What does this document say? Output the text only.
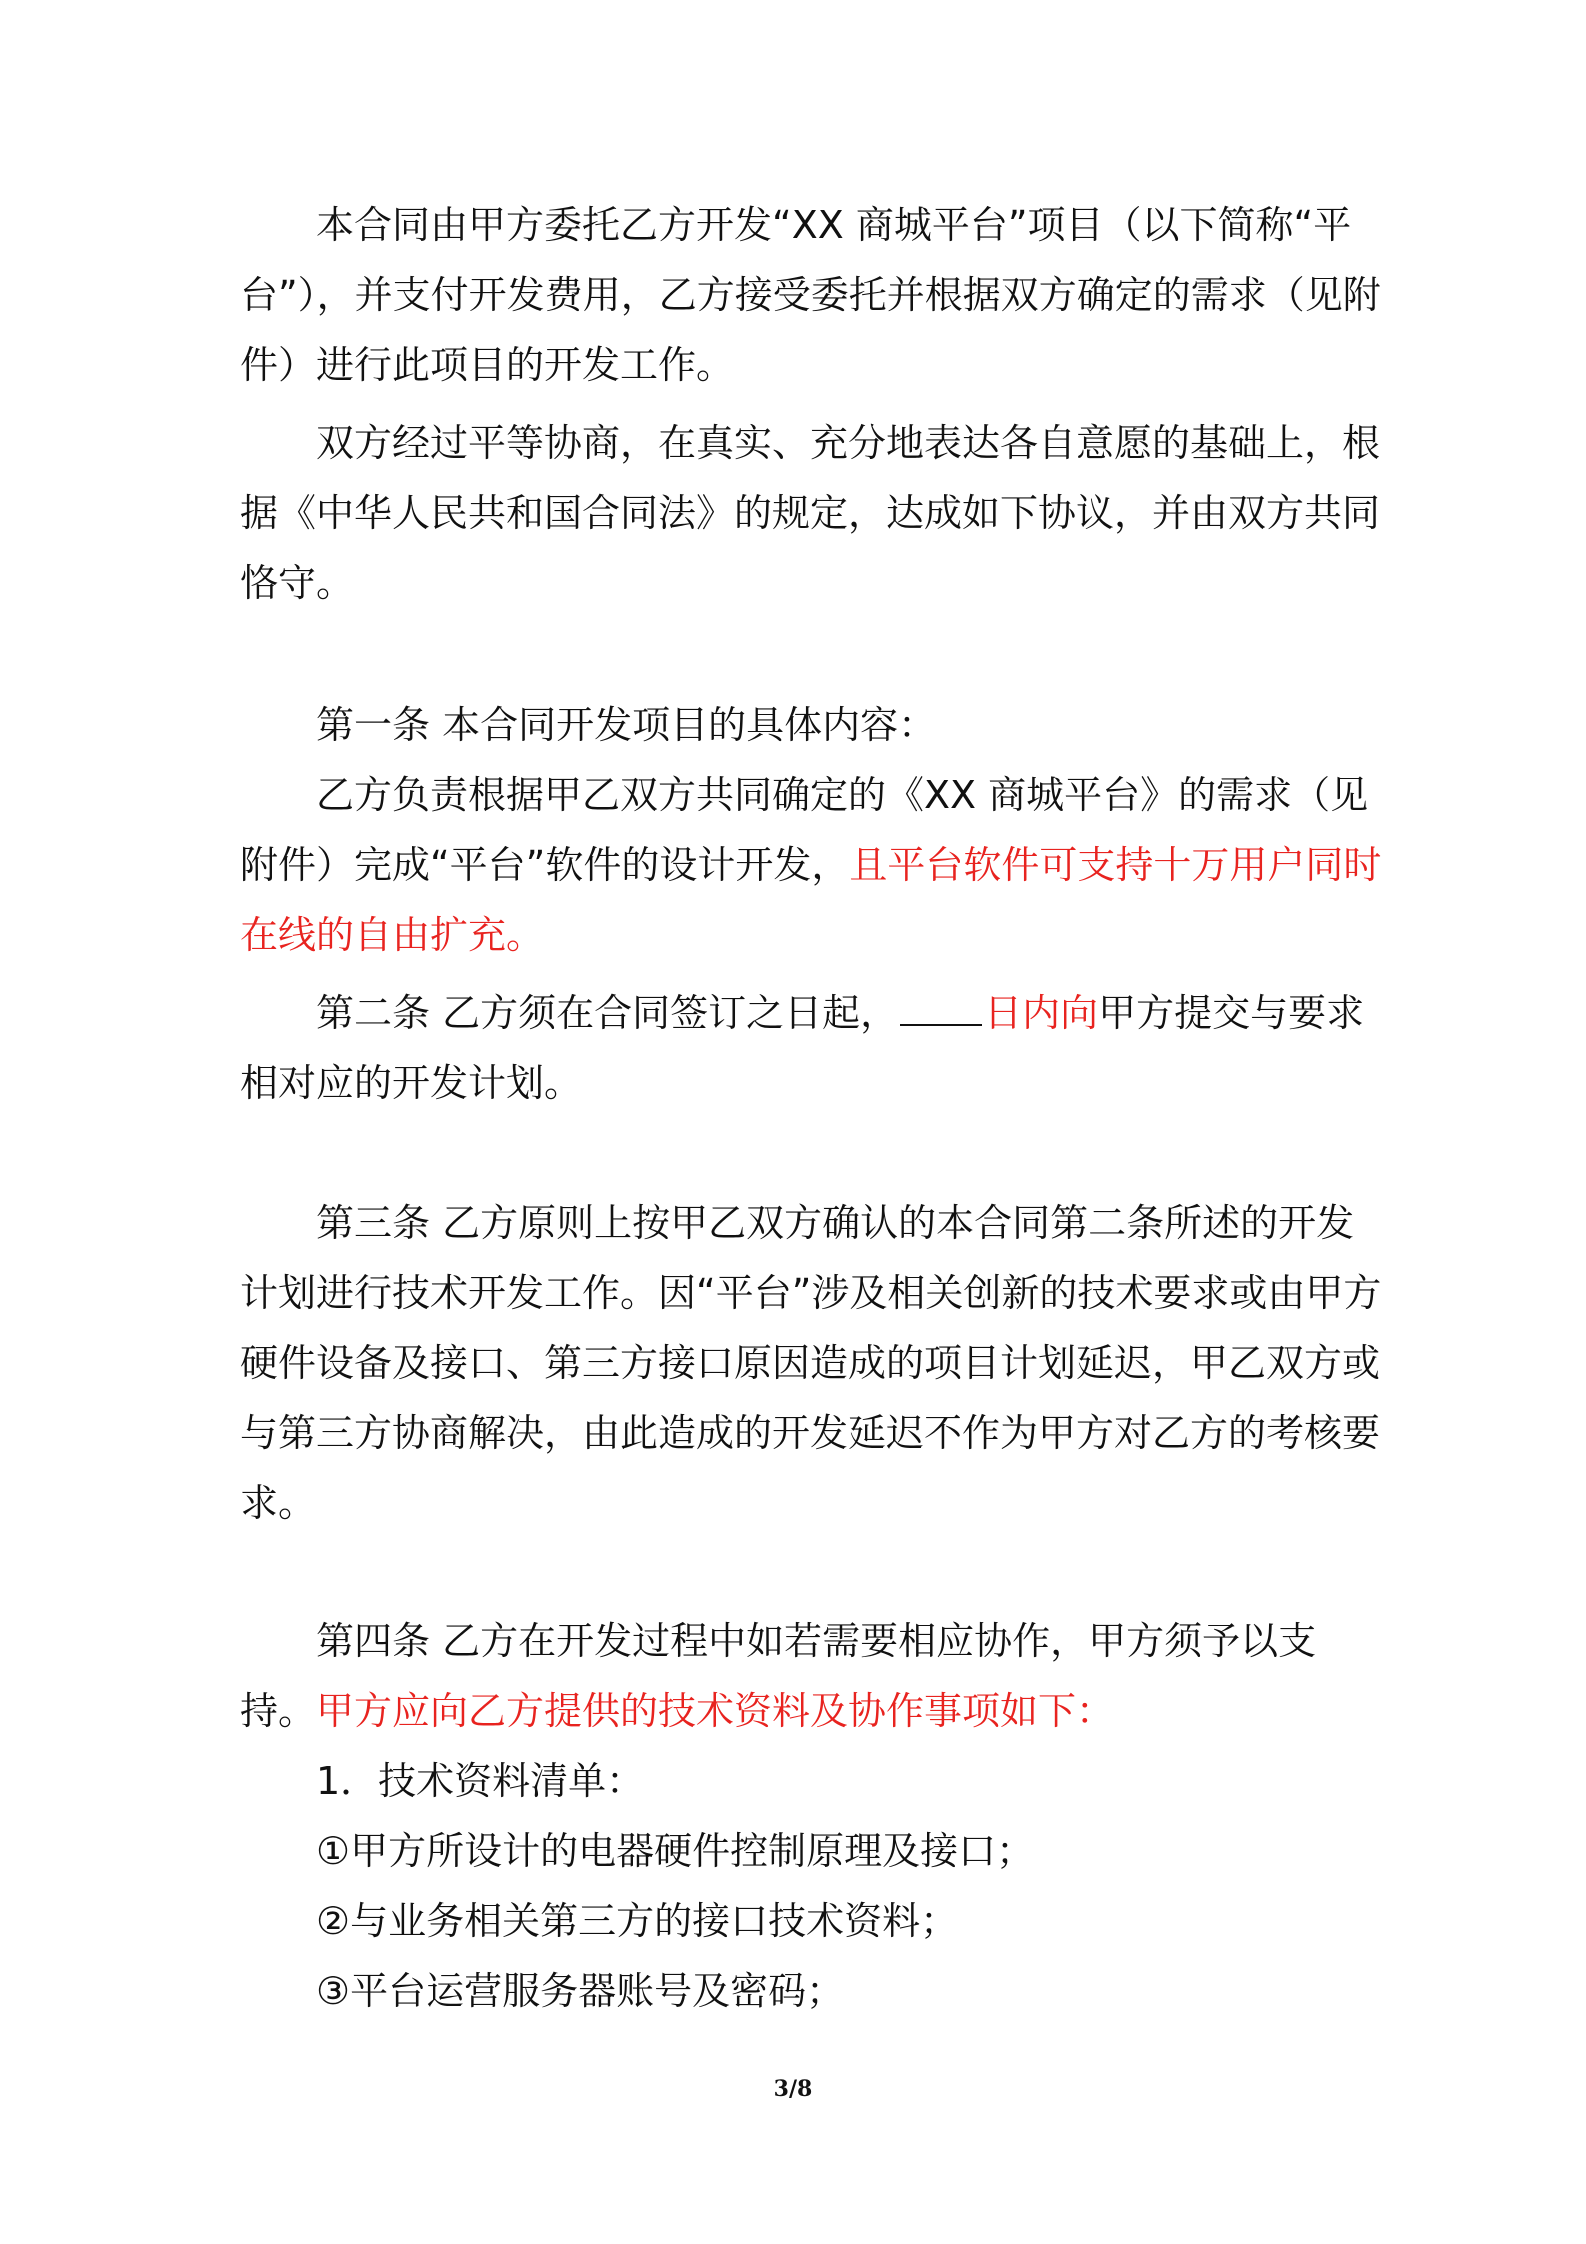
本合同由甲方委托乙方开发“XX 商城平台”项目（以下简称“平台”），并支付开发费用，乙方接受委托并根据双方确定的需求（见附件）进行此项目的开发工作。

双方经过平等协商，在真实、充分地表达各自意愿的基础上，根据《中华人民共和国合同法》的规定，达成如下协议，并由双方共同恪守。

第一条 本合同开发项目的具体内容：

乙方负责根据甲乙双方共同确定的《XX 商城平台》的需求（见附件）完成“平台”软件的设计开发，且平台软件可支持十万用户同时在线的自由扩充。

第二条 乙方须在合同签订之日起， 日内向甲方提交与要求相对应的开发计划。

第三条 乙方原则上按甲乙双方确认的本合同第二条所述的开发计划进行技术开发工作。因“平台”涉及相关创新的技术要求或由甲方硬件设备及接口、第三方接口原因造成的项目计划延迟，甲乙双方或与第三方协商解决，由此造成的开发延迟不作为甲方对乙方的考核要求。

第四条 乙方在开发过程中如若需要相应协作，甲方须予以支持。甲方应向乙方提供的技术资料及协作事项如下：

1．技术资料清单：

①甲方所设计的电器硬件控制原理及接口；

②与业务相关第三方的接口技术资料；

③平台运营服务器账号及密码；

3/8
